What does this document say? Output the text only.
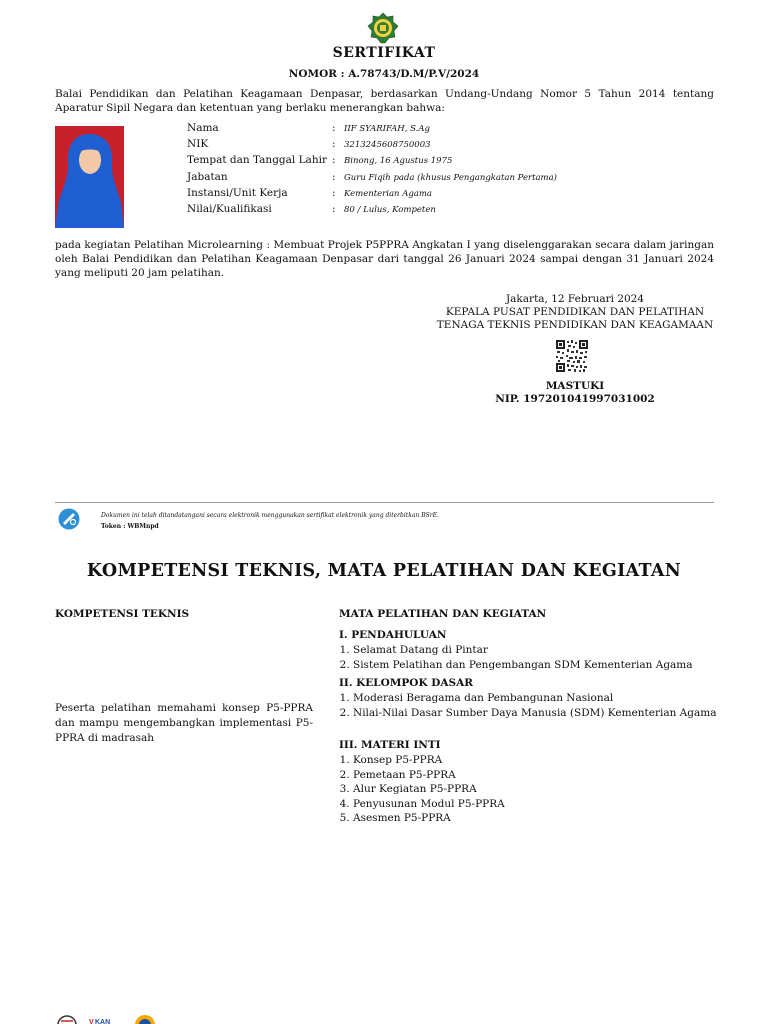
SERTIFIKAT
NOMOR : A.78743/D.M/P.V/2024
Balai Pendidikan dan Pelatihan Keagamaan Denpasar, berdasarkan Undang-Undang Nomor 5 Tahun 2014 tentang Aparatur Sipil Negara dan ketentuan yang berlaku menerangkan bahwa:
Nama	: IIF SYARIFAH, S.Ag
NIK	: 3213245608750003
Tempat dan Tanggal Lahir : Binong, 16 Agustus 1975
Jabatan	: Guru Fiqih pada (khusus Pengangkatan Pertama)
Instansi/Unit Kerja	: Kementerian Agama
Nilai/Kualifikasi	: 80 / Lulus, Kompeten
pada kegiatan Pelatihan Microlearning : Membuat Projek P5PPRA Angkatan I yang diselenggarakan secara dalam jaringan oleh Balai Pendidikan dan Pelatihan Keagamaan Denpasar dari tanggal 26 Januari 2024 sampai dengan 31 Januari 2024 yang meliputi 20 jam pelatihan.
Jakarta, 12 Februari 2024
KEPALA PUSAT PENDIDIKAN DAN PELATIHAN
TENAGA TEKNIS PENDIDIKAN DAN KEAGAMAAN
MASTUKI
NIP. 197201041997031002
Dokumen ini telah ditandatangani secara elektronik menggunakan sertifikat elektronik yang diterbitkan BSrE.
Token : WBMnpd
KOMPETENSI TEKNIS, MATA PELATIHAN DAN KEGIATAN
KOMPETENSI TEKNIS	MATA PELATIHAN DAN KEGIATAN
Peserta pelatihan memahami konsep P5-PPRA dan mampu mengembangkan implementasi P5-PPRA di madrasah
I. PENDAHULUAN
1. Selamat Datang di Pintar
2. Sistem Pelatihan dan Pengembangan SDM Kementerian Agama
II. KELOMPOK DASAR
1. Moderasi Beragama dan Pembangunan Nasional
2. Nilai-Nilai Dasar Sumber Daya Manusia (SDM) Kementerian Agama
III. MATERI INTI
1. Konsep P5-PPRA
2. Pemetaan P5-PPRA
3. Alur Kegiatan P5-PPRA
4. Penyusunan Modul P5-PPRA
5. Asesmen P5-PPRA
V KAN
